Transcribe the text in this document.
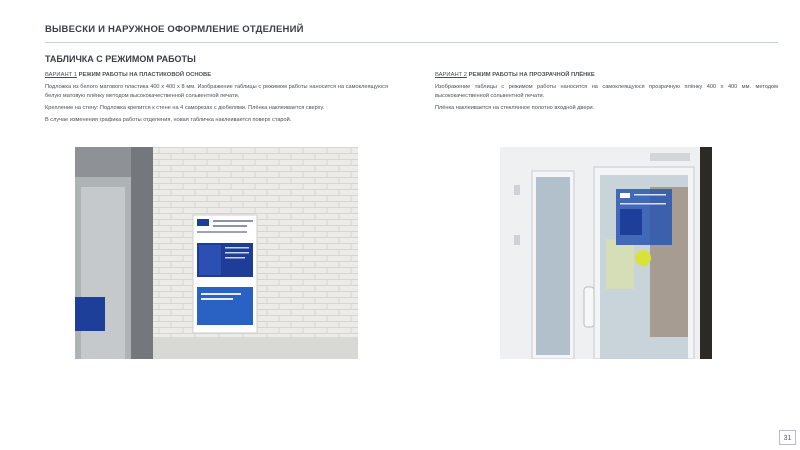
ВЫВЕСКИ И НАРУЖНОЕ ОФОРМЛЕНИЕ ОТДЕЛЕНИЙ
ТАБЛИЧКА С РЕЖИМОМ РАБОТЫ
ВАРИАНТ 1 РЕЖИМ РАБОТЫ НА ПЛАСТИКОВОЙ ОСНОВЕ

Подложка из белого матового пластика 400 х 400 х 8 мм. Изображение таблицы с режимом работы наносится на самоклеящуюся белую матовую плёнку методом высококачественной сольвентной печати.

Крепление на стену: Подложка крепится к стене на 4 саморезах с дюбелями. Плёнка наклеивается сверху.

В случае изменения графика работы отделения, новая табличка наклеивается поверх старой.

ВАРИАНТ 2 РЕЖИМ РАБОТЫ НА ПРОЗРАЧНОЙ ПЛЁНКЕ

Изображение таблицы с режимом работы наносится на самоклеящуюся прозрачную плёнку 400 х 400 мм. методом высококачественной сольвентной печати.

Плёнка наклеивается на стеклянное полотно входной двери.

31
